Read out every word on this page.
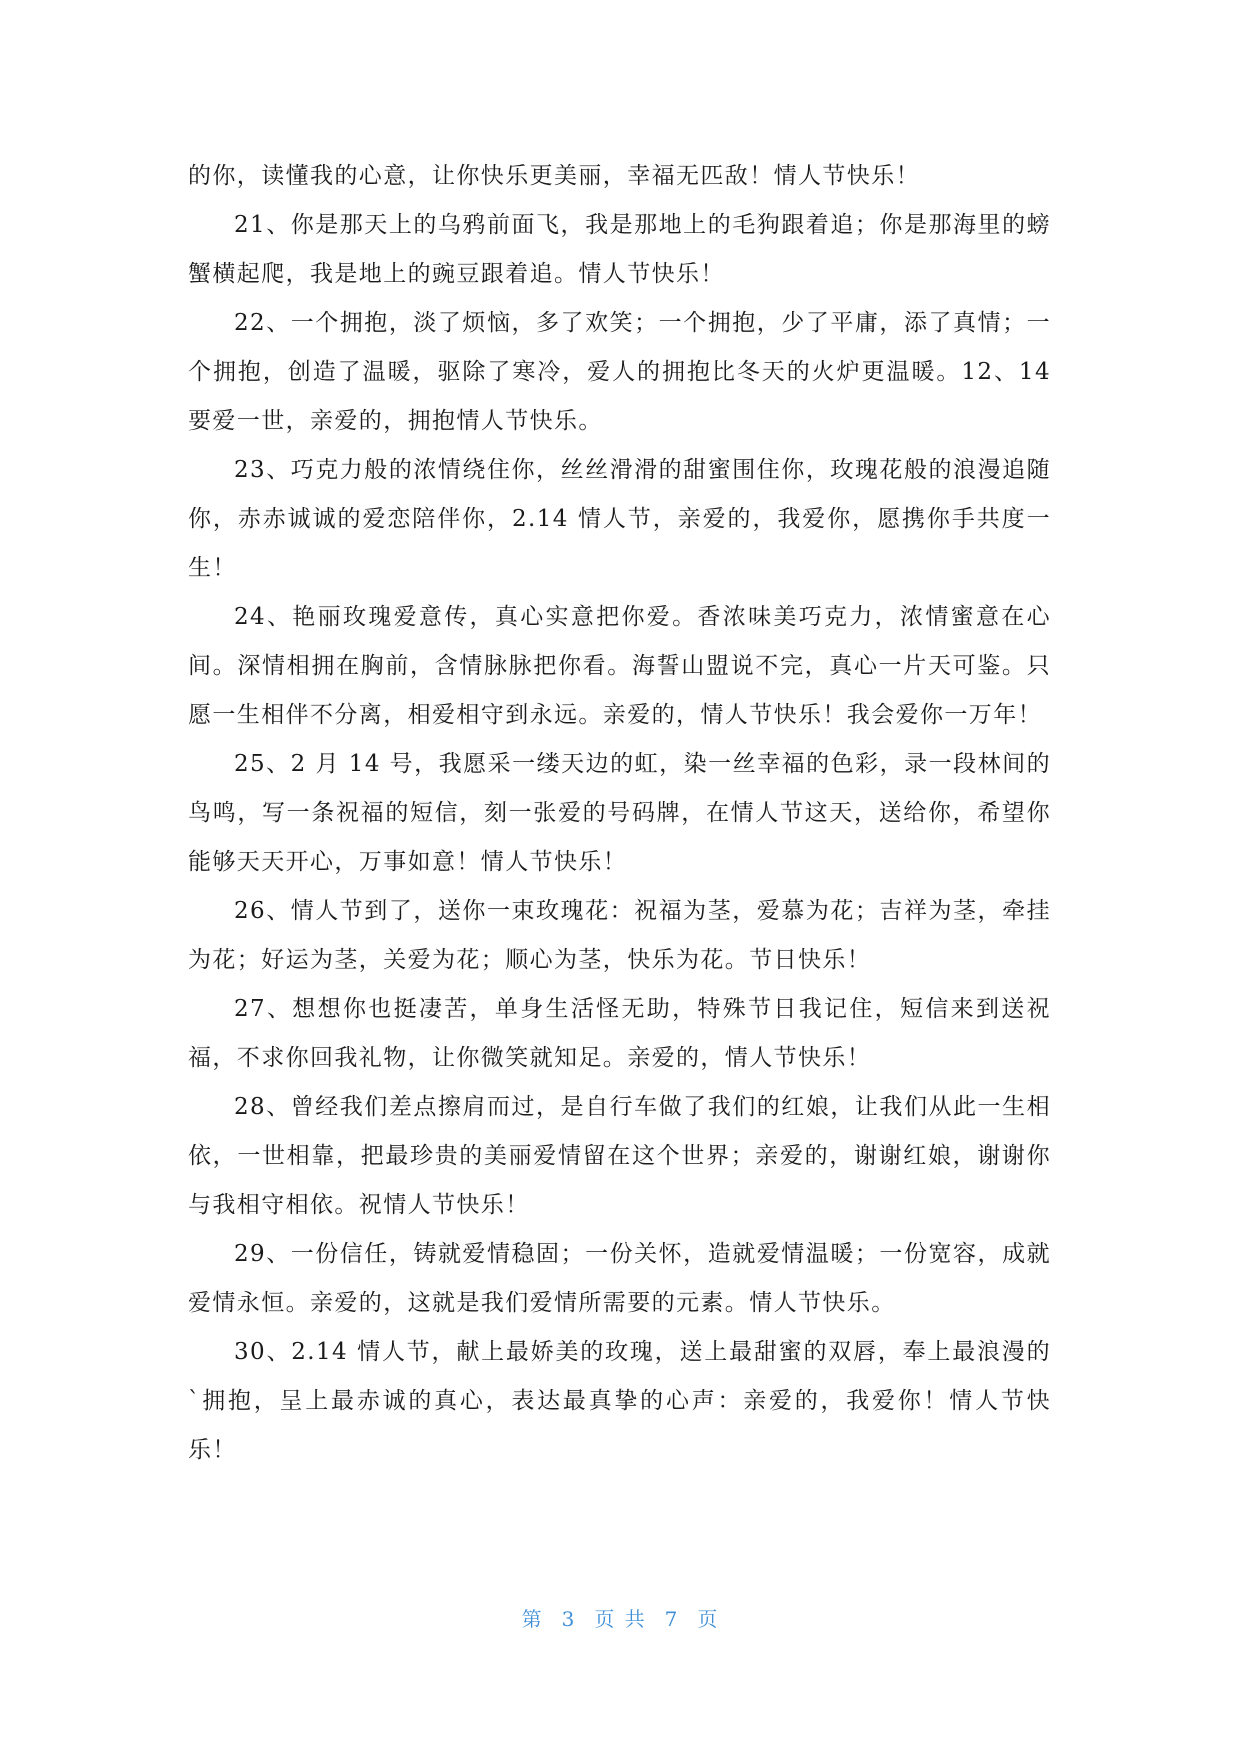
的你，读懂我的心意，让你快乐更美丽，幸福无匹敌！情人节快乐！

21、你是那天上的乌鸦前面飞，我是那地上的毛狗跟着追；你是那海里的螃蟹横起爬，我是地上的豌豆跟着追。情人节快乐！

22、一个拥抱，淡了烦恼，多了欢笑；一个拥抱，少了平庸，添了真情；一个拥抱，创造了温暖，驱除了寒冷，爱人的拥抱比冬天的火炉更温暖。12、14 要爱一世，亲爱的，拥抱情人节快乐。

23、巧克力般的浓情绕住你，丝丝滑滑的甜蜜围住你，玫瑰花般的浪漫追随你，赤赤诚诚的爱恋陪伴你，2.14 情人节，亲爱的，我爱你，愿携你手共度一生！

24、艳丽玫瑰爱意传，真心实意把你爱。香浓味美巧克力，浓情蜜意在心间。深情相拥在胸前，含情脉脉把你看。海誓山盟说不完，真心一片天可鉴。只愿一生相伴不分离，相爱相守到永远。亲爱的，情人节快乐！我会爱你一万年！

25、2 月 14 号，我愿采一缕天边的虹，染一丝幸福的色彩，录一段林间的鸟鸣，写一条祝福的短信，刻一张爱的号码牌，在情人节这天，送给你，希望你能够天天开心，万事如意！情人节快乐！

26、情人节到了，送你一束玫瑰花：祝福为茎，爱慕为花；吉祥为茎，牵挂为花；好运为茎，关爱为花；顺心为茎，快乐为花。节日快乐！

27、想想你也挺凄苦，单身生活怪无助，特殊节日我记住，短信来到送祝福，不求你回我礼物，让你微笑就知足。亲爱的，情人节快乐！

28、曾经我们差点擦肩而过，是自行车做了我们的红娘，让我们从此一生相依，一世相靠，把最珍贵的美丽爱情留在这个世界；亲爱的，谢谢红娘，谢谢你与我相守相依。祝情人节快乐！

29、一份信任，铸就爱情稳固；一份关怀，造就爱情温暖；一份宽容，成就爱情永恒。亲爱的，这就是我们爱情所需要的元素。情人节快乐。

30、2.14 情人节，献上最娇美的玫瑰，送上最甜蜜的双唇，奉上最浪漫的`拥抱，呈上最赤诚的真心，表达最真挚的心声：亲爱的，我爱你！情人节快乐！

第 3 页 共 7 页
